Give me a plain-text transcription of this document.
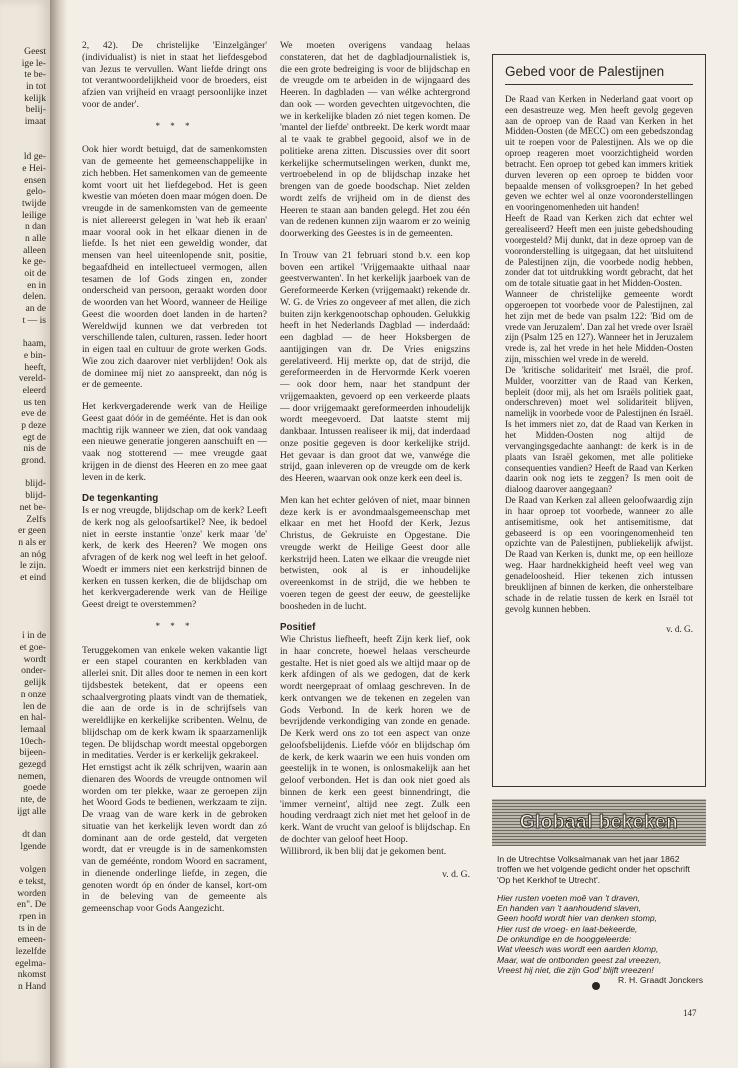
Geest
ige le-
te be-
in tot
kelijk
belij-
imaat
ld ge-
e Hei-
ensen
gelo-
twijde
leilige
n dan
n alle
alleen
ke ge-
oit de
en in
delen.
an de
t — is
haam,
e bin-
heeft,
vereld-
eleerd
us ten
eve de
p deze
egt de
nis de
grond.
blijd-
blijd-
net be-
Zelfs
er geen
n als er
an nóg
le zijn.
et eind
i in de
et goe-
wordt
onder-
gelijk
n onze
len de
en hal-
lemaal
10ech-
bijeen-
gezegd
nemen,
goede
nte, de
ijgt alle
dt dan
lgende
volgen
e tekst,
worden
en". De
rpen in
ts in de
emeen-
lezelfde
egelma-
nkomst
n Hand

2, 42). De christelijke 'Einzelgänger' (individualist) is niet in staat het liefdesgebod van Jezus te vervullen. Want liefde dringt ons tot verantwoordelijkheid voor de broeders, eist afzien van vrijheid en vraagt persoonlijke inzet voor de ander'.

* * *

Ook hier wordt betuigd, dat de samenkomsten van de gemeente het gemeenschappelijke in zich hebben. Het samenkomen van de gemeente komt voort uit het liefdegebod. Het is geen kwestie van móeten doen maar mógen doen. De vreugde in de samenkomsten van de gemeente is niet allereerst gelegen in 'wat heb ík eraan' maar vooral ook in het elkaar dienen in de liefde. Is het niet een geweldig wonder, dat mensen van heel uiteenlopende snit, positie, begaafdheid en intellectueel vermogen, allen tesamen de lof Gods zingen en, zonder onderscheid van persoon, geraakt worden door de woorden van het Woord, wanneer de Heilige Geest die woorden doet landen in de harten? Wereldwijd kunnen we dat verbreden tot verschillende talen, culturen, rassen. Ieder hoort in eigen taal en cultuur de grote werken Gods. Wie zou zich daarover niet verblijden! Ook als de dominee míj niet zo aanspreekt, dan nóg is er de gemeente.

Het kerkvergaderende werk van de Heilige Geest gaat dóór in de geméénte. Het is dan ook machtig rijk wanneer we zien, dat ook vandaag een nieuwe generatie jongeren aanschuift en — vaak nog stotterend — mee vreugde gaat krijgen in de dienst des Heeren en zo mee gaat leven in de kerk.

De tegenkanting

Is er nog vreugde, blijdschap om de kerk? Leeft de kerk nog als geloofsartikel? Nee, ik bedoel niet in eerste instantie 'onze' kerk maar 'de' kerk, de kerk des Heeren? We mogen ons afvragen of de kerk nog wel leeft in het geloof. Woedt er immers niet een kerkstrijd binnen de kerken en tussen kerken, die de blijdschap om het kerkvergaderende werk van de Heilige Geest dreigt te overstemmen?

* * *

Teruggekomen van enkele weken vakantie ligt er een stapel couranten en kerkbladen van allerlei snit. Dit alles door te nemen in een kort tijdsbestek betekent, dat er opeens een schaalvergroting plaats vindt van de thematiek, die aan de orde is in de schrijfsels van wereldlijke en kerkelijke scribenten. Welnu, de blijdschap om de kerk kwam ik spaarzamenlijk tegen. De blijdschap wordt meestal opgeborgen in meditaties. Verder is er kerkelijk gekrakeel.

Het ernstigst acht ik zélk schrijven, waarin aan dienaren des Woords de vreugde ontnomen wil worden om ter plekke, waar ze geroepen zijn het Woord Gods te bedienen, werkzaam te zijn. De vraag van de ware kerk in de gebroken situatie van het kerkelijk leven wordt dan zó dominant aan de orde gesteld, dat vergeten wordt, dat er vreugde is in de samenkomsten van de geméénte, rondom Woord en sacrament, in dienende onderlinge liefde, in zegen, die genoten wordt óp en ónder de kansel, kort-om in de beleving van de gemeente als gemeenschap voor Gods Aangezicht.

We moeten overigens vandaag helaas constateren, dat het de dagbladjournalistiek is, die een grote bedreiging is voor de blijdschap en de vreugde om te arbeiden in de wijngaard des Heeren. In dagbladen — van wélke achtergrond dan ook — worden gevechten uitgevochten, die we in kerkelijke bladen zó niet tegen komen. De 'mantel der liefde' ontbreekt. De kerk wordt maar al te vaak te grabbel gegooid, alsof we in de politieke arena zitten. Discussies over dit soort kerkelijke schermutselingen werken, dunkt me, vertroebelend in op de blijdschap inzake het brengen van de goede boodschap. Niet zelden wordt zelfs de vrijheid om in de dienst des Heeren te staan aan banden gelegd. Het zou één van de redenen kunnen zijn waarom er zo weinig doorwerking des Geestes is in de gemeenten.

In Trouw van 21 februari stond b.v. een kop boven een artikel 'Vrijgemaakte uithaal naar geestverwanten'. In het kerkelijk jaarboek van de Gereformeerde Kerken (vrijgemaakt) rekende dr. W. G. de Vries zo ongeveer af met allen, die zich buiten zijn kerkgenootschap ophouden. Gelukkig heeft in het Nederlands Dagblad — inderdaád: een dagblad — de heer Hoksbergen de aantijgingen van dr. De Vries enigszins gerelativeerd. Hij merkte op, dat de strijd, die gereformeerden in de Hervormde Kerk voeren — ook door hem, naar het standpunt der vrijgemaakten, gevoerd op een verkeerde plaats — door vrijgemaakt gereformeerden inhoudelijk wordt meegevoerd. Dat laatste stemt mij dankbaar. Intussen realiseer ik mij, dat inderdaad onze positie gegeven is door kerkelijke strijd. Het gevaar is dan groot dat we, vanwége die strijd, gaan inleveren op de vreugde om de kerk des Heeren, waarvan ook onze kerk een deel is.

Men kan het echter gelóven of niet, maar binnen deze kerk is er avondmaalsgemeenschap met elkaar en met het Hoofd der Kerk, Jezus Christus, de Gekruiste en Opgestane. Die vreugde werkt de Heilige Geest door alle kerkstrijd heen. Laten we elkaar die vreugde niet betwisten, ook al is er inhoudelijke overeenkomst in de strijd, die we hebben te voeren tegen de geest der eeuw, de geestelijke boosheden in de lucht.

Positief

Wie Christus liefheeft, heeft Zijn kerk lief, ook in haar concrete, hoewel helaas verscheurde gestalte. Het is niet goed als we altijd maar op de kerk afdingen of als we gedogen, dat de kerk wordt neergepraat of omlaag geschreven. In de kerk ontvangen we de tekenen en zegelen van Gods Verbond. In de kerk horen we de bevrijdende verkondiging van zonde en genade. De Kerk werd ons zo tot een aspect van onze geloofsbelijdenis. Liefde vóór en blijdschap óm de kerk, de kerk waarin we een huis vonden om geestelijk in te wonen, is onlosmakelijk aan het geloof verbonden. Het is dan ook niet goed als binnen de kerk een geest binnendringt, die 'immer verneint', altijd nee zegt. Zulk een houding verdraagt zich niet met het geloof in de kerk. Want de vrucht van geloof is blijdschap. En de dochter van geloof heet Hoop.

Willibrord, ik ben blij dat je gekomen bent.

v. d. G.
Gebed voor de Palestijnen

De Raad van Kerken in Nederland gaat voort op een desastreuze weg. Men heeft gevolg gegeven aan de oproep van de Raad van Kerken in het Midden-Oosten (de MECC) om een gebedszondag uit te roepen voor de Palestijnen. Als we op die oproep reageren moet voorzichtigheid worden betracht. Een oproep tot gebed kan immers kritiek durven leveren op een oproep te bidden voor bepaalde mensen of volksgroepen? In het gebed geven we echter wel al onze vooronderstellingen en vooringenomenheden uit handen!

Heeft de Raad van Kerken zich dat echter wel gerealiseerd? Heeft men een juiste gebedshouding voorgesteld? Mij dunkt, dat in deze oproep van de vooronderstelling is uitgegaan, dat het uitsluitend de Palestijnen zijn, die voorbede nodig hebben, zonder dat tot uitdrukking wordt gebracht, dat het om de totale situatie gaat in het Midden-Oosten.

Wanneer de christelijke gemeente wordt opgeroepen tot voorbede voor de Palestijnen, zal het zijn met de bede van psalm 122: 'Bid om de vrede van Jeruzalem'. Dan zal het vrede over Israël zijn (Psalm 125 en 127). Wanneer het in Jeruzalem vrede is, zal het vrede in het hele Midden-Oosten zijn, misschien wel vrede in de wereld.

De 'kritische solidariteit' met Israël, die prof. Mulder, voorzitter van de Raad van Kerken, bepleit (door mij, als het om Israëls politiek gaat, onderschreven) moet wel solidariteit blijven, namelijk in voorbede voor de Palestijnen én Israël. Is het immers niet zo, dat de Raad van Kerken in het Midden-Oosten nog altijd de vervangingsgedachte aanhangt: de kerk is in de plaats van Israël gekomen, met alle politieke consequenties vandien? Heeft de Raad van Kerken daarin ook nog iets te zeggen? Is men ooit de dialoog daarover aangegaan?

De Raad van Kerken zal alleen geloofwaardig zijn in haar oproep tot voorbede, wanneer zo alle antisemitisme, ook het antisemitisme, dat gebaseerd is op een vooringenomenheid ten opzichte van de Palestijnen, publiekelijk afwijst. De Raad van Kerken is, dunkt me, op een heilloze weg. Haar hardnekkigheid heeft veel weg van genadeloosheid. Hier tekenen zich intussen breuklijnen af binnen de kerken, die onherstelbare schade in de relatie tussen de kerk en Israël tot gevolg kunnen hebben.

v. d. G.
Globaal bekeken

In de Utrechtse Volksalmanak van het jaar 1862 troffen we het volgende gedicht onder het opschrift 'Op het Kerkhof te Utrecht'.

Hier rusten voeten moê van 't draven,

En handen van 't aanhoudend slaven,

Geen hoofd wordt hier van denken stomp,

Hier rust de vroeg- en laat-bekeerde,

De onkundige en de hooggeleerde:

Wat vleesch was wordt een aarden klomp,

Maar, wat de ontbonden geest zal vreezen,

Vreest hij niet, die zijn God' blijft vreezen!

R. H. Graadt Jonckers

147
